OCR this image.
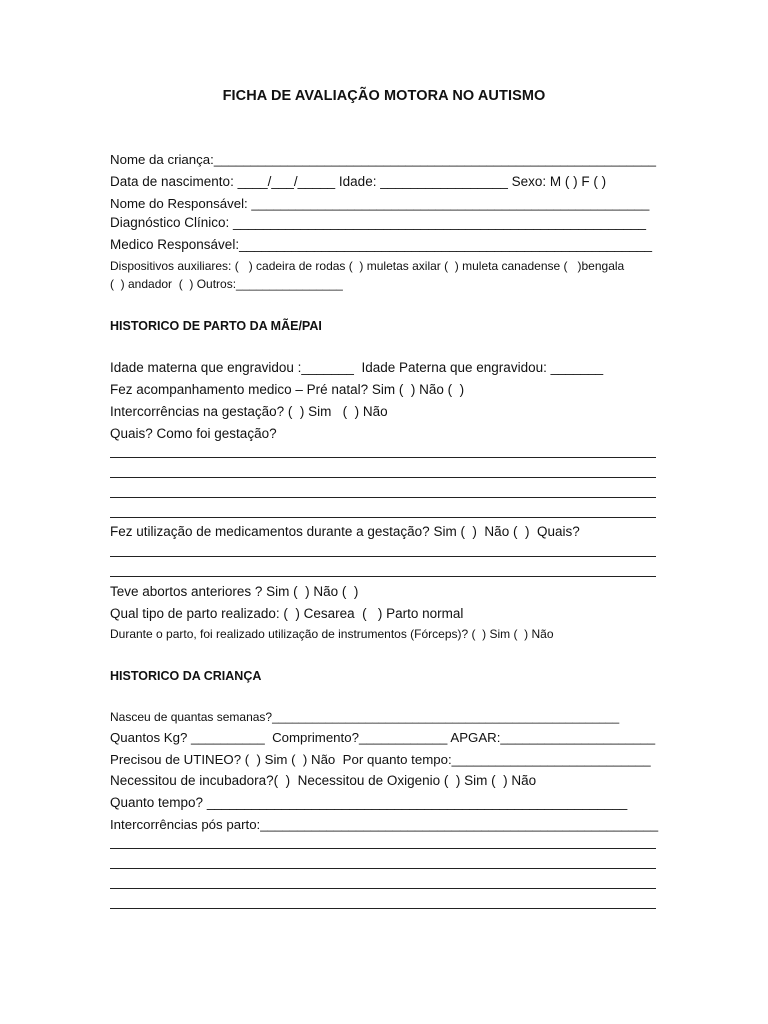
FICHA DE AVALIAÇÃO MOTORA NO AUTISMO
Nome da criança:____________________________________________________________
Data de nascimento: ____/___/_____ Idade: _________________ Sexo: M ( ) F ( )
Nome do Responsável: ______________________________________________________
Diagnóstico Clínico: _______________________________________________________
Medico Responsável:_______________________________________________________
Dispositivos auxiliares: (   ) cadeira de rodas (  ) muletas axilar (  ) muleta canadense (   )bengala
(  ) andador  (  ) Outros:________________
HISTORICO DE PARTO DA MÃE/PAI
Idade materna que engravidou :_______  Idade Paterna que engravidou: _______
Fez acompanhamento medico – Pré natal? Sim (  ) Não (  )
Intercorrências na gestação? (  ) Sim   (  ) Não
Quais? Como foi gestação?
Fez utilização de medicamentos durante a gestação? Sim (  )  Não (  )  Quais?
Teve abortos anteriores ? Sim (  ) Não (  )
Qual tipo de parto realizado: (  ) Cesarea  (   ) Parto normal
Durante o parto, foi realizado utilização de instrumentos (Fórceps)? (  ) Sim (  ) Não
HISTORICO DA CRIANÇA
Nasceu de quantas semanas?____________________________________________________
Quantos Kg? __________  Comprimento?____________ APGAR:_____________________
Precisou de UTINEO? (  ) Sim (  ) Não  Por quanto tempo:___________________________
Necessitou de incubadora?(  )  Necessitou de Oxigenio (  ) Sim (  ) Não
Quanto tempo? ________________________________________________________
Intercorrências pós parto:______________________________________________________
